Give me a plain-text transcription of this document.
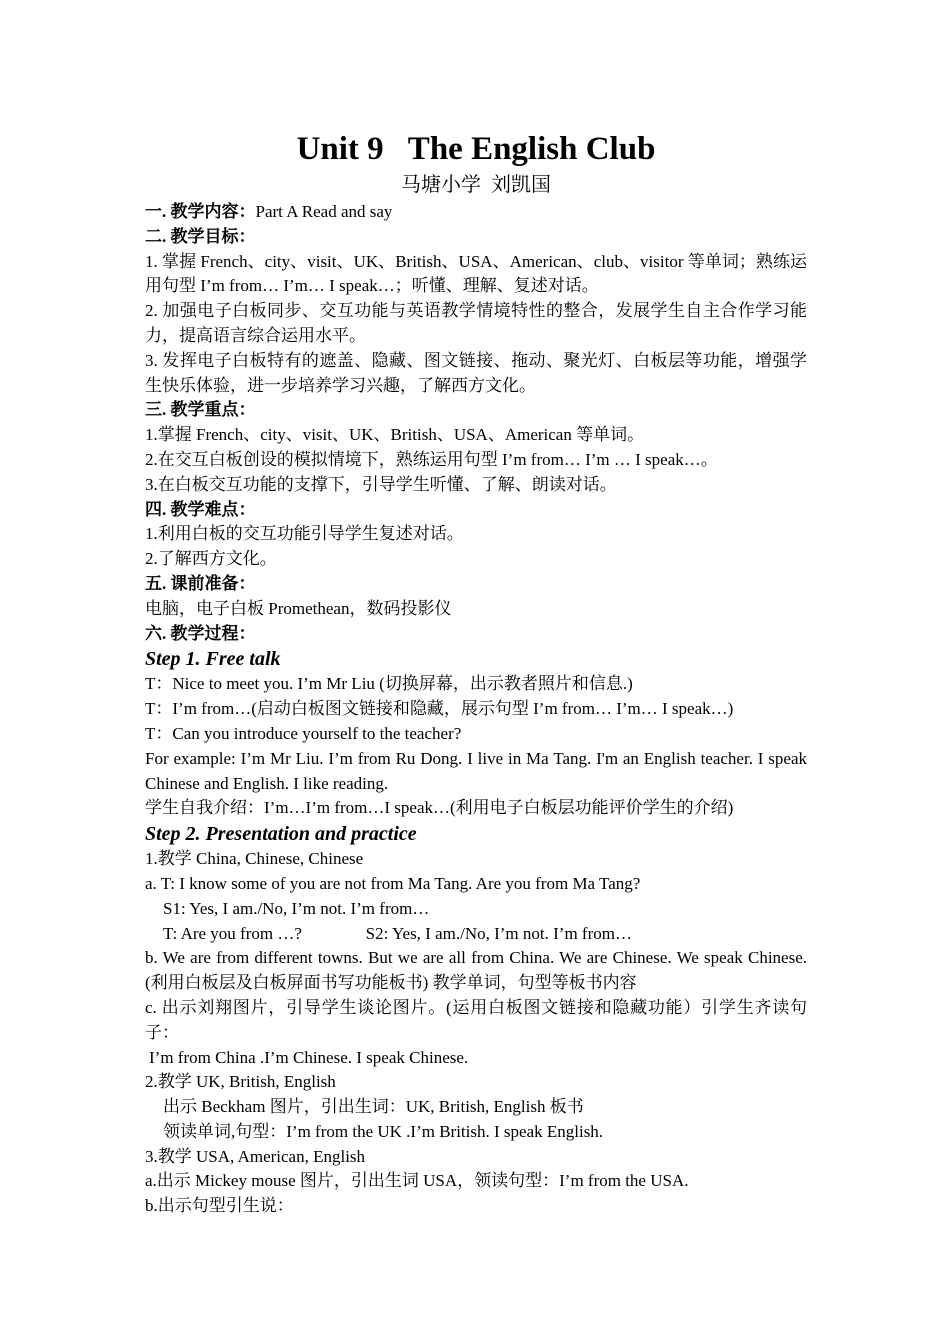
Unit 9   The English Club

马塘小学  刘凯国

一. 教学内容：Part A Read and say

二. 教学目标：

1. 掌握 French、city、visit、UK、British、USA、American、club、visitor 等单词；熟练运用句型 I’m from… I’m… I speak…；听懂、理解、复述对话。

2. 加强电子白板同步、交互功能与英语教学情境特性的整合，发展学生自主合作学习能力，提高语言综合运用水平。

3. 发挥电子白板特有的遮盖、隐藏、图文链接、拖动、聚光灯、白板层等功能，增强学生快乐体验，进一步培养学习兴趣，了解西方文化。

三. 教学重点：

1.掌握 French、city、visit、UK、British、USA、American 等单词。

2.在交互白板创设的模拟情境下，熟练运用句型 I’m from… I’m … I speak…。

3.在白板交互功能的支撑下，引导学生听懂、了解、朗读对话。

四. 教学难点：

1.利用白板的交互功能引导学生复述对话。

2.了解西方文化。

五. 课前准备：

电脑，电子白板 Promethean，数码投影仪

六. 教学过程：

Step 1. Free talk

T：Nice to meet you. I’m Mr Liu (切换屏幕，出示教者照片和信息.)

T：I’m from…(启动白板图文链接和隐藏，展示句型 I’m from… I’m… I speak…)

T：Can you introduce yourself to the teacher?

For example: I’m Mr Liu. I’m from Ru Dong. I live in Ma Tang. I'm an English teacher. I speak Chinese and English. I like reading.

学生自我介绍：I’m…I’m from…I speak…(利用电子白板层功能评价学生的介绍)

Step 2. Presentation and practice

1.教学 China, Chinese, Chinese

a. T: I know some of you are not from Ma Tang. Are you from Ma Tang?

S1: Yes, I am./No, I’m not. I’m from…

T: Are you from …?               S2: Yes, I am./No, I’m not. I’m from…

b. We are from different towns. But we are all from China. We are Chinese. We speak Chinese.(利用白板层及白板屏面书写功能板书) 教学单词，句型等板书内容

c. 出示刘翔图片，引导学生谈论图片。(运用白板图文链接和隐藏功能）引学生齐读句子：

I’m from China .I’m Chinese. I speak Chinese.

2.教学 UK, British, English

出示 Beckham 图片，引出生词：UK, British, English 板书

领读单词,句型：I’m from the UK .I’m British. I speak English.

3.教学 USA, American, English

a.出示 Mickey mouse 图片，引出生词 USA，领读句型：I’m from the USA.

b.出示句型引生说：
